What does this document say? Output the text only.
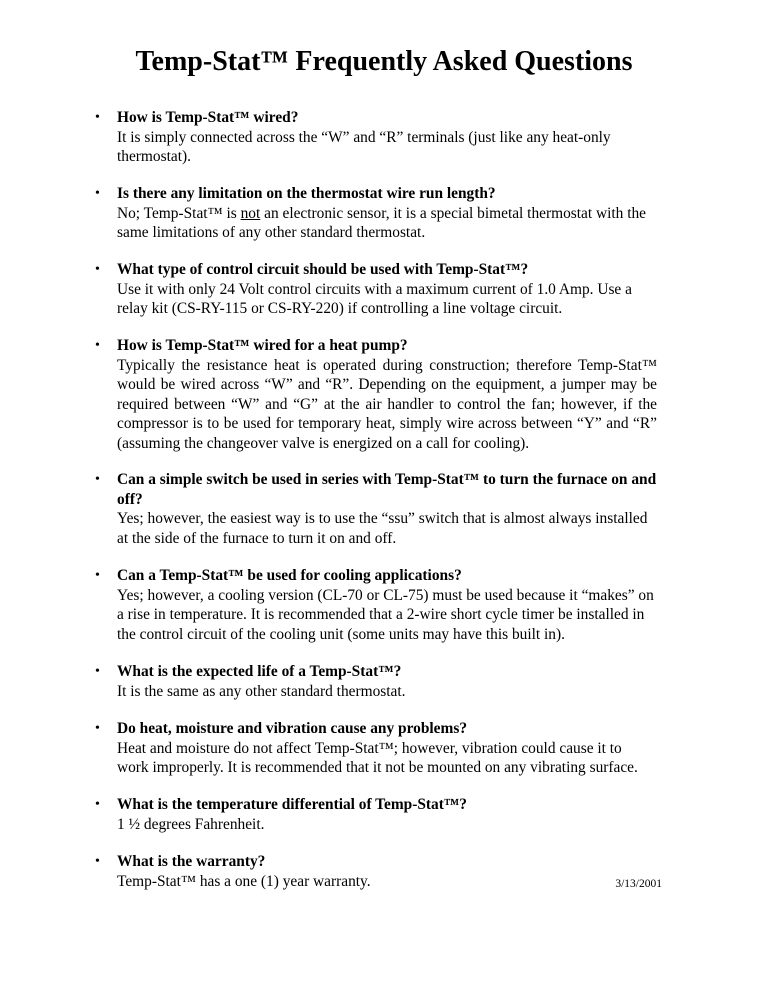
Temp-Stat™ Frequently Asked Questions
• How is Temp-Stat™ wired?
It is simply connected across the “W” and “R” terminals (just like any heat-only thermostat).
• Is there any limitation on the thermostat wire run length?
No; Temp-Stat™ is not an electronic sensor, it is a special bimetal thermostat with the same limitations of any other standard thermostat.
• What type of control circuit should be used with Temp-Stat™?
Use it with only 24 Volt control circuits with a maximum current of 1.0 Amp. Use a relay kit (CS-RY-115 or CS-RY-220) if controlling a line voltage circuit.
• How is Temp-Stat™ wired for a heat pump?
Typically the resistance heat is operated during construction; therefore Temp-Stat™ would be wired across “W” and “R”. Depending on the equipment, a jumper may be required between “W” and “G” at the air handler to control the fan; however, if the compressor is to be used for temporary heat, simply wire across between “Y” and “R” (assuming the changeover valve is energized on a call for cooling).
• Can a simple switch be used in series with Temp-Stat™ to turn the furnace on and off?
Yes; however, the easiest way is to use the “ssu” switch that is almost always installed at the side of the furnace to turn it on and off.
• Can a Temp-Stat™ be used for cooling applications?
Yes; however, a cooling version (CL-70 or CL-75) must be used because it “makes” on a rise in temperature. It is recommended that a 2-wire short cycle timer be installed in the control circuit of the cooling unit (some units may have this built in).
• What is the expected life of a Temp-Stat™?
It is the same as any other standard thermostat.
• Do heat, moisture and vibration cause any problems?
Heat and moisture do not affect Temp-Stat™; however, vibration could cause it to work improperly. It is recommended that it not be mounted on any vibrating surface.
• What is the temperature differential of Temp-Stat™?
1 ½ degrees Fahrenheit.
• What is the warranty?
Temp-Stat™ has a one (1) year warranty.	3/13/2001
